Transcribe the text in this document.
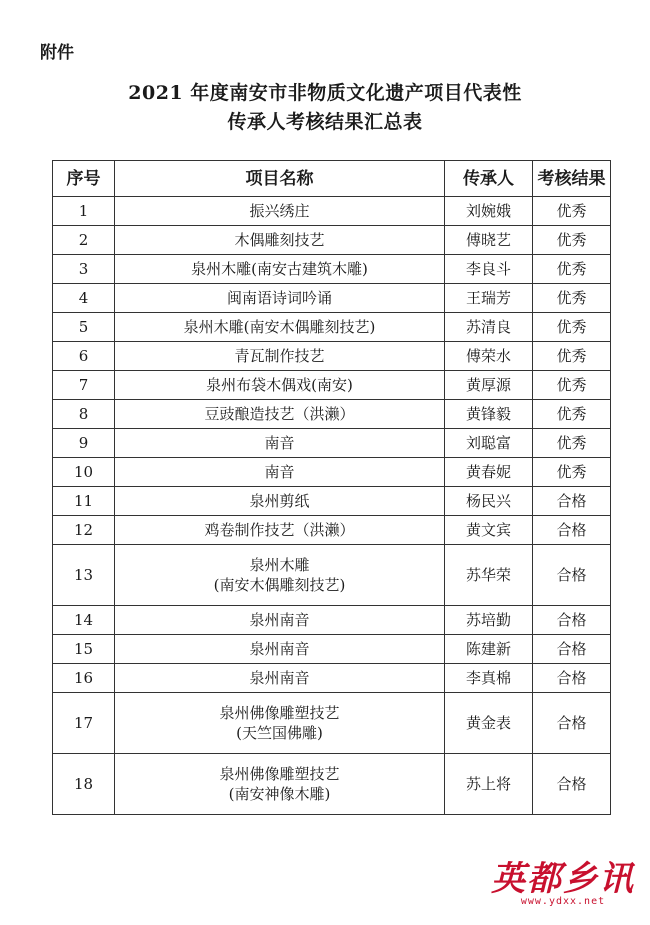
附件
2021 年度南安市非物质文化遗产项目代表性
传承人考核结果汇总表
序号	项目名称	传承人	考核结果
1	振兴绣庄	刘婉娥	优秀
2	木偶雕刻技艺	傅晓艺	优秀
3	泉州木雕(南安古建筑木雕)	李良斗	优秀
4	闽南语诗词吟诵	王瑞芳	优秀
5	泉州木雕(南安木偶雕刻技艺)	苏清良	优秀
6	青瓦制作技艺	傅荣水	优秀
7	泉州布袋木偶戏(南安)	黄厚源	优秀
8	豆豉酿造技艺（洪濑）	黄锋毅	优秀
9	南音	刘聪富	优秀
10	南音	黄春妮	优秀
11	泉州剪纸	杨民兴	合格
12	鸡卷制作技艺（洪濑）	黄文宾	合格
13	泉州木雕
(南安木偶雕刻技艺)	苏华荣	合格
14	泉州南音	苏培勤	合格
15	泉州南音	陈建新	合格
16	泉州南音	李真棉	合格
17	泉州佛像雕塑技艺
(天竺国佛雕)	黄金表	合格
18	泉州佛像雕塑技艺
(南安神像木雕)	苏上将	合格
英都乡讯
www.ydxx.net
